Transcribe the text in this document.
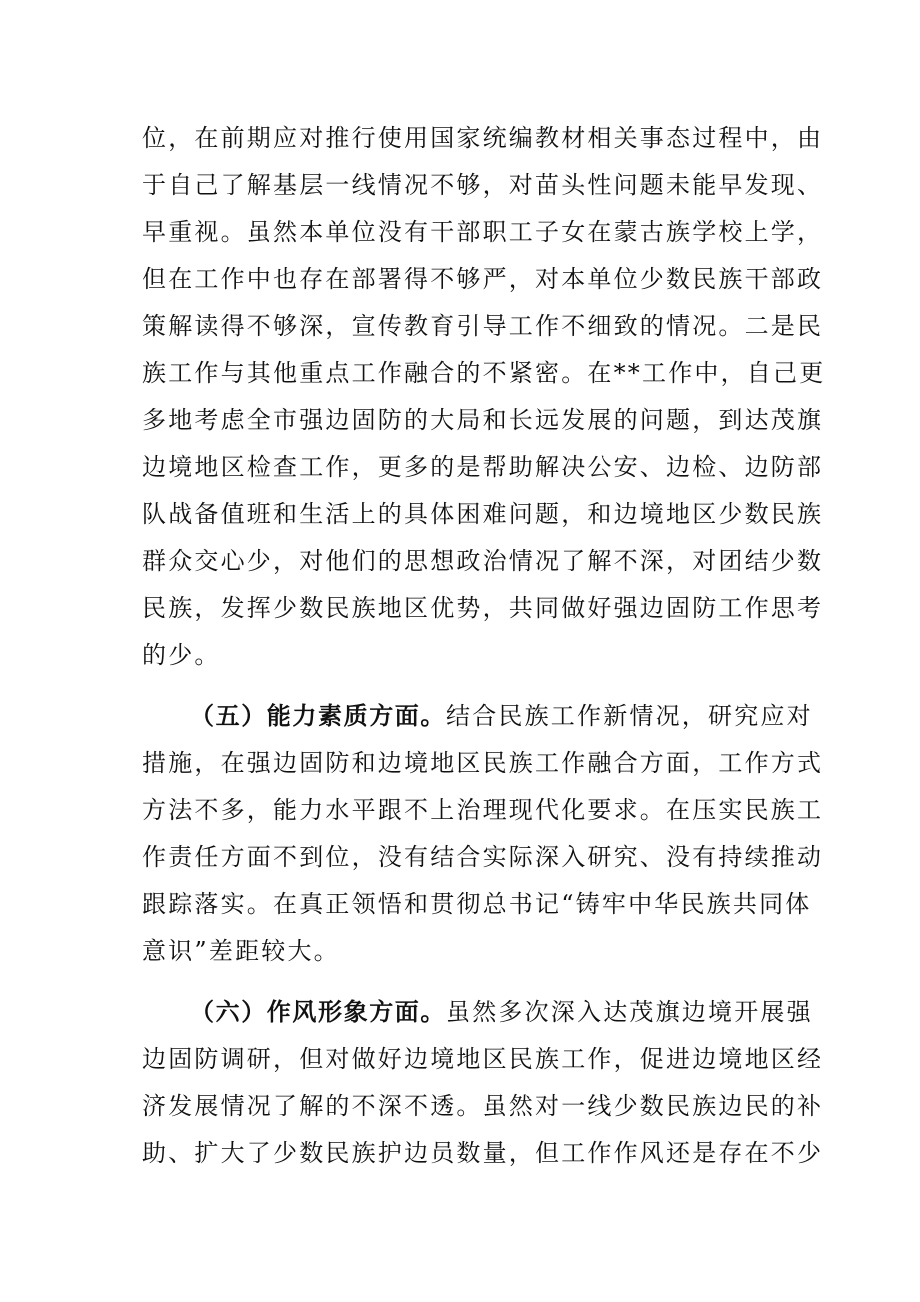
位，在前期应对推行使用国家统编教材相关事态过程中，由
于自己了解基层一线情况不够，对苗头性问题未能早发现、
早重视。虽然本单位没有干部职工子女在蒙古族学校上学，
但在工作中也存在部署得不够严，对本单位少数民族干部政
策解读得不够深，宣传教育引导工作不细致的情况。二是民
族工作与其他重点工作融合的不紧密。在**工作中，自己更
多地考虑全市强边固防的大局和长远发展的问题，到达茂旗
边境地区检查工作，更多的是帮助解决公安、边检、边防部
队战备值班和生活上的具体困难问题，和边境地区少数民族
群众交心少，对他们的思想政治情况了解不深，对团结少数
民族，发挥少数民族地区优势，共同做好强边固防工作思考
的少。
（五）能力素质方面。结合民族工作新情况，研究应对
措施，在强边固防和边境地区民族工作融合方面，工作方式
方法不多，能力水平跟不上治理现代化要求。在压实民族工
作责任方面不到位，没有结合实际深入研究、没有持续推动
跟踪落实。在真正领悟和贯彻总书记“铸牢中华民族共同体
意识”差距较大。
（六）作风形象方面。虽然多次深入达茂旗边境开展强
边固防调研，但对做好边境地区民族工作，促进边境地区经
济发展情况了解的不深不透。虽然对一线少数民族边民的补
助、扩大了少数民族护边员数量，但工作作风还是存在不少
